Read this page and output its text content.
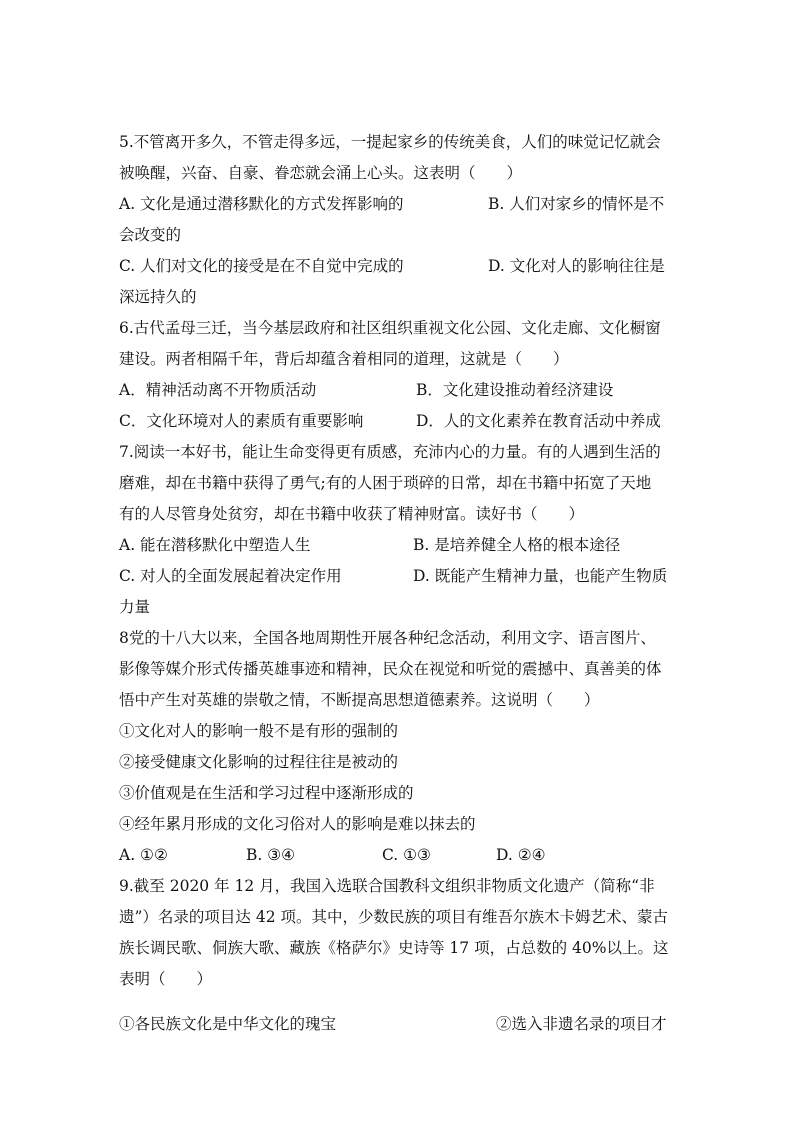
5.不管离开多久，不管走得多远，一提起家乡的传统美食，人们的味觉记忆就会
被唤醒，兴奋、自豪、眷恋就会涌上心头。这表明（　　）
A. 文化是通过潜移默化的方式发挥影响的	B. 人们对家乡的情怀是不
会改变的
C. 人们对文化的接受是在不自觉中完成的	D. 文化对人的影响往往是
深远持久的
6.古代孟母三迁，当今基层政府和社区组织重视文化公园、文化走廊、文化橱窗
建设。两者相隔千年，背后却蕴含着相同的道理，这就是（　　）
A．精神活动离不开物质活动	B．文化建设推动着经济建设
C．文化环境对人的素质有重要影响	D．人的文化素养在教育活动中养成
7.阅读一本好书，能让生命变得更有质感，充沛内心的力量。有的人遇到生活的
磨难，却在书籍中获得了勇气;有的人困于琐碎的日常，却在书籍中拓宽了天地
有的人尽管身处贫穷，却在书籍中收获了精神财富。读好书（　　）
A. 能在潜移默化中塑造人生	B. 是培养健全人格的根本途径
C. 对人的全面发展起着决定作用	D. 既能产生精神力量，也能产生物质
力量
8党的十八大以来，全国各地周期性开展各种纪念活动，利用文字、语言图片、
影像等媒介形式传播英雄事迹和精神，民众在视觉和听觉的震撼中、真善美的体
悟中产生对英雄的崇敬之情，不断提高思想道德素养。这说明（　　）
①文化对人的影响一般不是有形的强制的
②接受健康文化影响的过程往往是被动的
③价值观是在生活和学习过程中逐渐形成的
④经年累月形成的文化习俗对人的影响是难以抹去的
A. ①②	B. ③④	C. ①③	D. ②④
9.截至 2020 年 12 月，我国入选联合国教科文组织非物质文化遗产（简称“非
遗”）名录的项目达 42 项。其中，少数民族的项目有维吾尔族木卡姆艺术、蒙古
族长调民歌、侗族大歌、藏族《格萨尔》史诗等 17 项，占总数的 40%以上。这
表明（　　）
①各民族文化是中华文化的瑰宝	②选入非遗名录的项目才
